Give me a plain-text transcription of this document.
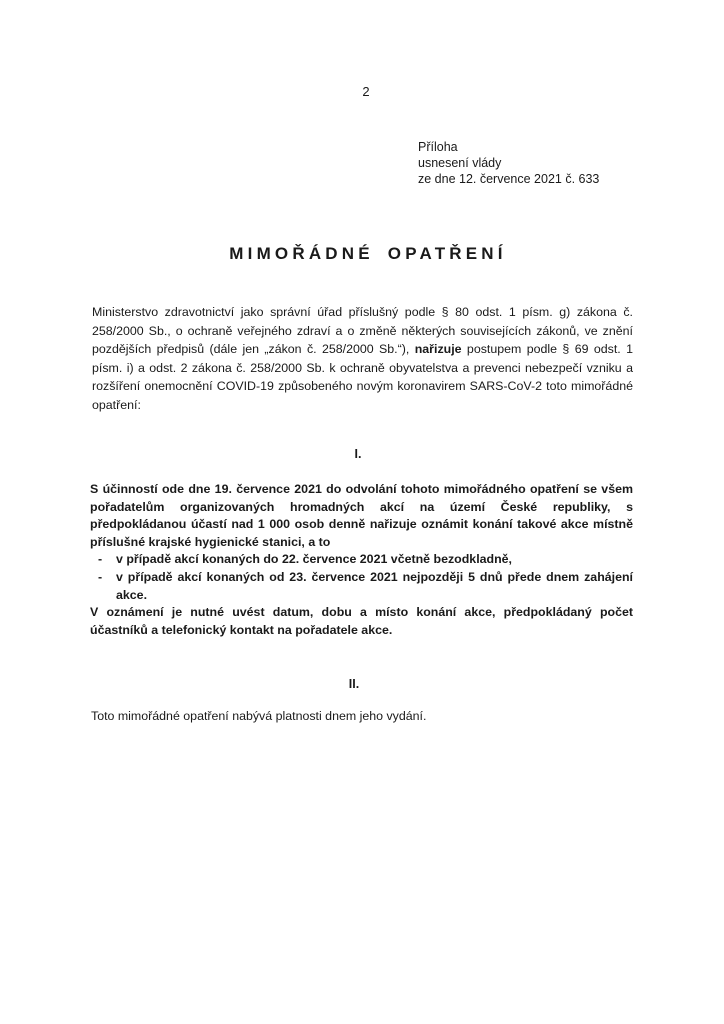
2
Příloha
usnesení vlády
ze dne 12. července 2021 č. 633
MIMOŘÁDNÉ OPATŘENÍ
Ministerstvo zdravotnictví jako správní úřad příslušný podle § 80 odst. 1 písm. g) zákona č. 258/2000 Sb., o ochraně veřejného zdraví a o změně některých souvisejících zákonů, ve znění pozdějších předpisů (dále jen „zákon č. 258/2000 Sb.“), nařizuje postupem podle § 69 odst. 1 písm. i) a odst. 2 zákona č. 258/2000 Sb. k ochraně obyvatelstva a prevenci nebezpečí vzniku a rozšíření onemocnění COVID-19 způsobeného novým koronavirem SARS-CoV-2 toto mimořádné opatření:
I.

S účinností ode dne 19. července 2021 do odvolání tohoto mimořádného opatření se všem pořadatelům organizovaných hromadných akcí na území České republiky, s předpokládanou účastí nad 1 000 osob denně nařizuje oznámit konání takové akce místně příslušné krajské hygienické stanici, a to

- v případě akcí konaných do 22. července 2021 včetně bezodkladně,
- v případě akcí konaných od 23. července 2021 nejpozději 5 dnů přede dnem zahájení akce.

V oznámení je nutné uvést datum, dobu a místo konání akce, předpokládaný počet účastníků a telefonický kontakt na pořadatele akce.

II.
Toto mimořádné opatření nabývá platnosti dnem jeho vydání.
